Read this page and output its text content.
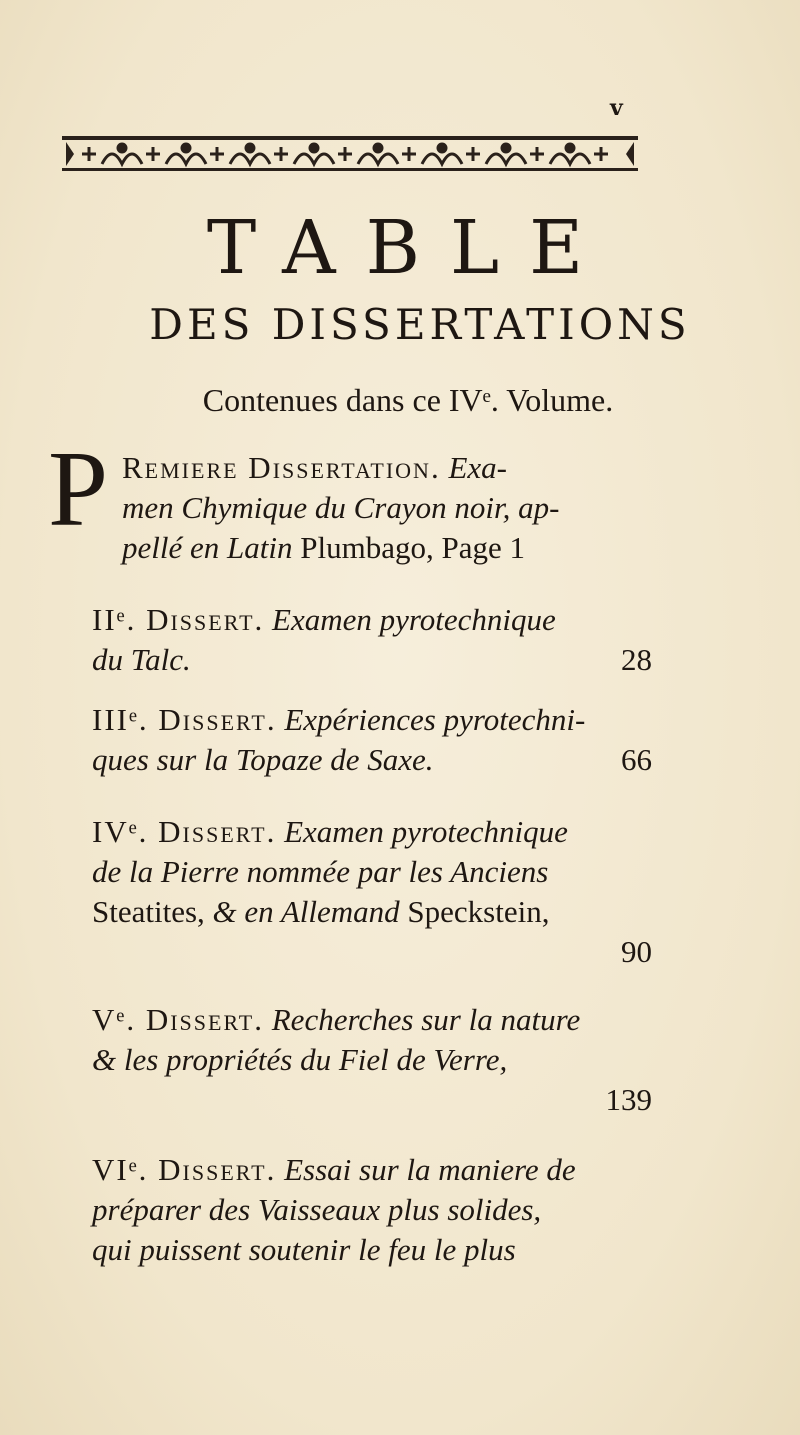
v
TABLE
DES DISSERTATIONS
Contenues dans ce IVᵉ. Volume.
P Remiere Dissertation. Exa-
men Chymique du Crayon noir, ap-
pellé en Latin Plumbago, Page 1
IIᵉ. Dissert. Examen pyrotechnique
du Talc.	28
IIIᵉ. Dissert. Expériences pyrotechni-
ques sur la Topaze de Saxe.	66
IVᵉ. Dissert. Examen pyrotechnique
de la Pierre nommée par les Anciens
Steatites, & en Allemand Speckstein,
90
Vᵉ. Dissert. Recherches sur la nature
& les propriétés du Fiel de Verre,
139
VIᵉ. Dissert. Essai sur la maniere de
préparer des Vaisseaux plus solides,
qui puissent soutenir le feu le plus
